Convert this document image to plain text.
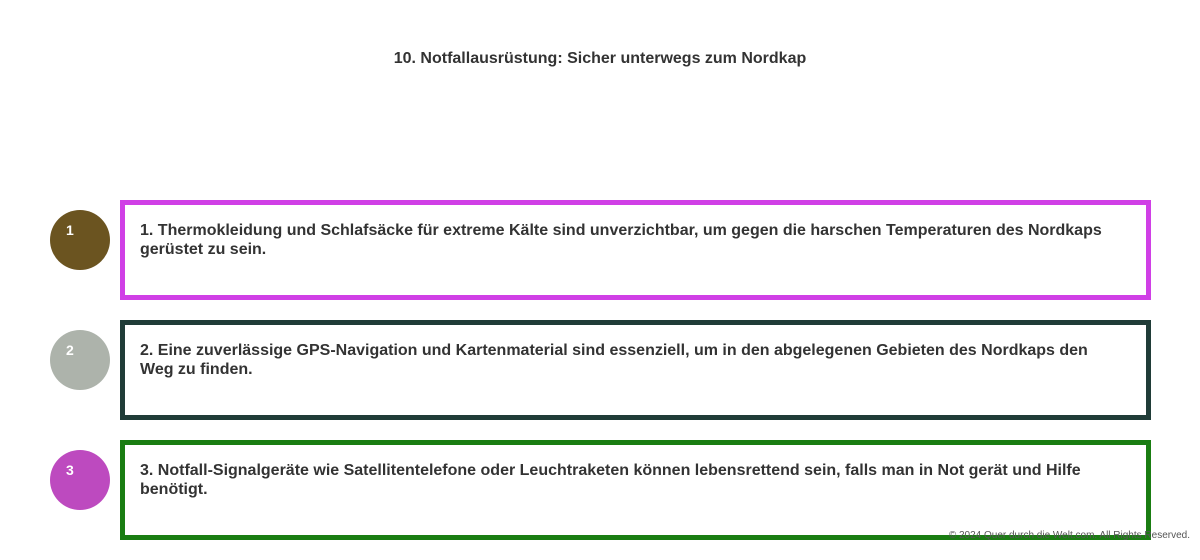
10. Notfallausrüstung: Sicher unterwegs zum Nordkap
1	1. Thermokleidung und Schlafsäcke für extreme Kälte sind unverzichtbar, um gegen die harschen Temperaturen des Nordkaps gerüstet zu sein.
2	2. Eine zuverlässige GPS-Navigation und Kartenmaterial sind essenziell, um in den abgelegenen Gebieten des Nordkaps den Weg zu finden.
3	3. Notfall-Signalgeräte wie Satellitentelefone oder Leuchtraketen können lebensrettend sein, falls man in Not gerät und Hilfe benötigt.
© 2024 Quer durch die Welt.com. All Rights Reserved.
